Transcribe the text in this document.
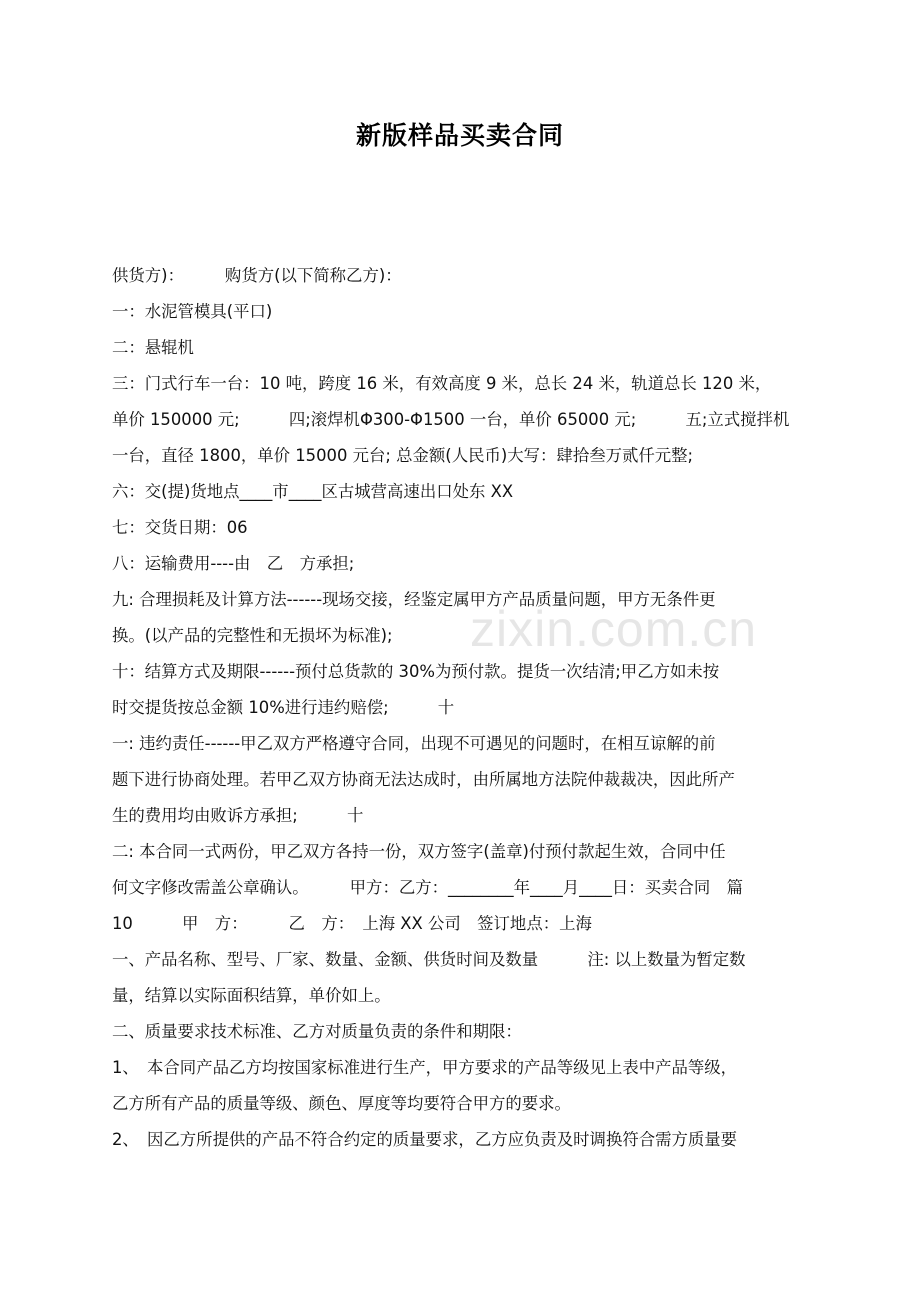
新版样品买卖合同
供货方)：　　　购货方(以下简称乙方)：
一：水泥管模具(平口)
二：悬辊机
三：门式行车一台：10 吨，跨度 16 米，有效高度 9 米，总长 24 米，轨道总长 120 米，
单价 150000 元;　　　四;滚焊机Φ300-Φ1500 一台，单价 65000 元;　　　五;立式搅拌机
一台，直径 1800，单价 15000 元台; 总金额(人民币)大写：肆拾叁万贰仟元整;
六：交(提)货地点____市____区古城营高速出口处东 XX
七：交货日期：06
八：运输费用----由　乙　方承担;
九: 合理损耗及计算方法------现场交接，经鉴定属甲方产品质量问题，甲方无条件更
换。(以产品的完整性和无损坏为标准);
十：结算方式及期限------预付总货款的 30%为预付款。提货一次结清;甲乙方如未按
时交提货按总金额 10%进行违约赔偿;　　　十
一: 违约责任------甲乙双方严格遵守合同，出现不可遇见的问题时，在相互谅解的前
题下进行协商处理。若甲乙双方协商无法达成时，由所属地方法院仲裁裁决，因此所产
生的费用均由败诉方承担;　　　十
二: 本合同一式两份，甲乙双方各持一份，双方签字(盖章)付预付款起生效，合同中任
何文字修改需盖公章确认。　　　甲方：乙方：________年____月____日：买卖合同　篇
10　　　甲　方：　　　乙　方：　上海 XX 公司　签订地点：上海
一、产品名称、型号、厂家、数量、金额、供货时间及数量　　　注: 以上数量为暂定数
量，结算以实际面积结算，单价如上。
二、质量要求技术标准、乙方对质量负责的条件和期限：
1、　本合同产品乙方均按国家标准进行生产，甲方要求的产品等级见上表中产品等级，
乙方所有产品的质量等级、颜色、厚度等均要符合甲方的要求。
2、　因乙方所提供的产品不符合约定的质量要求，乙方应负责及时调换符合需方质量要
zixin.com.cn
